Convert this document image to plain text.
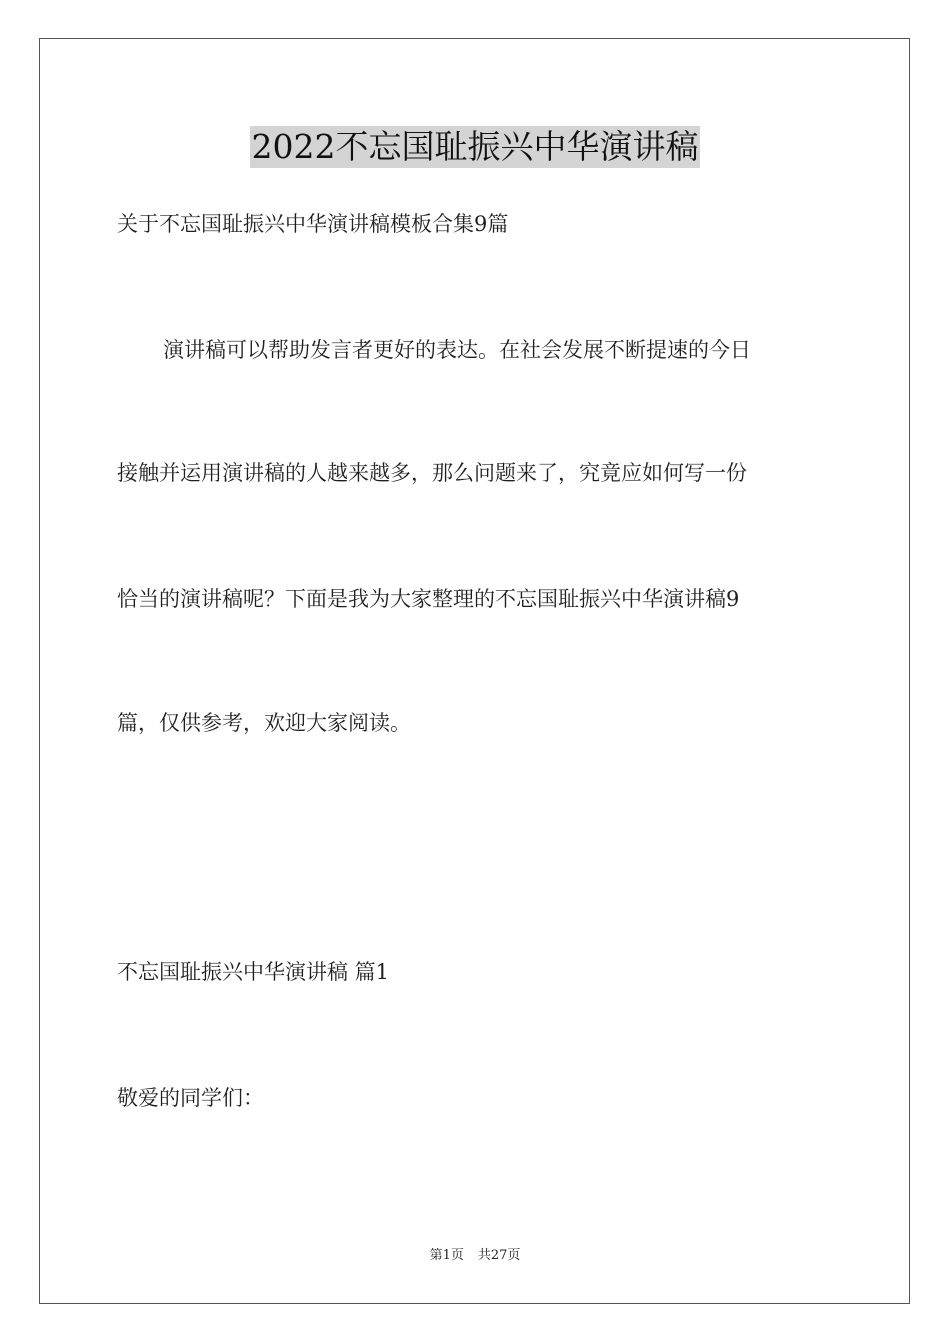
2022不忘国耻振兴中华演讲稿
关于不忘国耻振兴中华演讲稿模板合集9篇
演讲稿可以帮助发言者更好的表达。在社会发展不断提速的今日
接触并运用演讲稿的人越来越多，那么问题来了，究竟应如何写一份
恰当的演讲稿呢？下面是我为大家整理的不忘国耻振兴中华演讲稿9
篇，仅供参考，欢迎大家阅读。
不忘国耻振兴中华演讲稿 篇1
敬爱的同学们：
第1页 共27页
